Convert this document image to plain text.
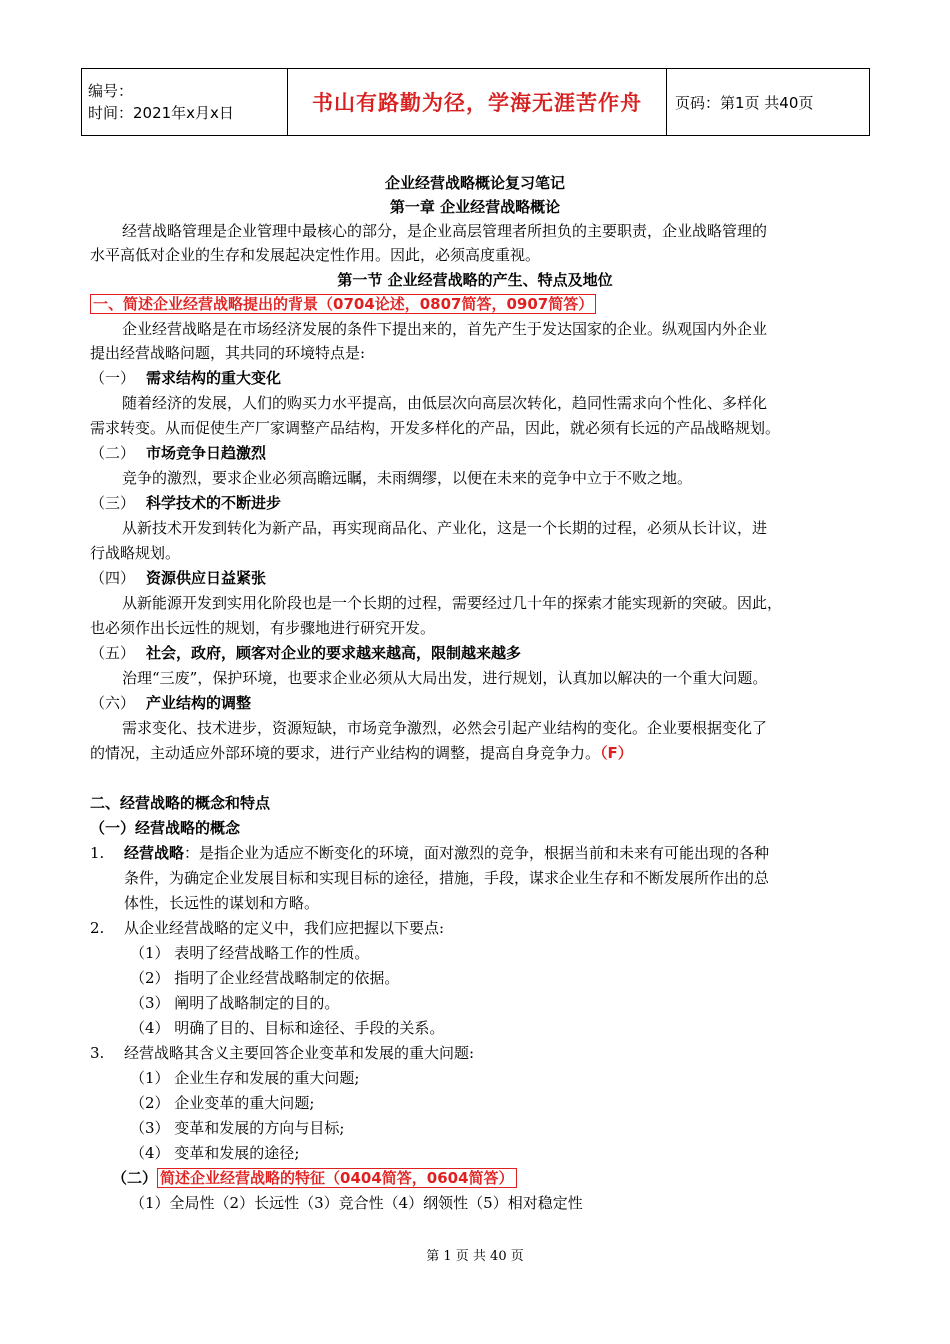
编号：
时间：2021年x月x日	书山有路勤为径，学海无涯苦作舟	页码：第1页 共40页
企业经营战略概论复习笔记
第一章 企业经营战略概论
经营战略管理是企业管理中最核心的部分，是企业高层管理者所担负的主要职责，企业战略管理的
水平高低对企业的生存和发展起决定性作用。因此，必须高度重视。
第一节 企业经营战略的产生、特点及地位
一、简述企业经营战略提出的背景（0704论述，0807简答，0907简答）
企业经营战略是在市场经济发展的条件下提出来的，首先产生于发达国家的企业。纵观国内外企业
提出经营战略问题，其共同的环境特点是:
（一） 需求结构的重大变化
随着经济的发展，人们的购买力水平提高，由低层次向高层次转化，趋同性需求向个性化、多样化
需求转变。从而促使生产厂家调整产品结构，开发多样化的产品，因此，就必须有长远的产品战略规划。
（二） 市场竞争日趋激烈
竞争的激烈，要求企业必须高瞻远瞩，未雨绸缪，以便在未来的竞争中立于不败之地。
（三） 科学技术的不断进步
从新技术开发到转化为新产品，再实现商品化、产业化，这是一个长期的过程，必须从长计议，进
行战略规划。
（四） 资源供应日益紧张
从新能源开发到实用化阶段也是一个长期的过程，需要经过几十年的探索才能实现新的突破。因此，
也必须作出长远性的规划，有步骤地进行研究开发。
（五） 社会，政府，顾客对企业的要求越来越高，限制越来越多
治理“三废”，保护环境，也要求企业必须从大局出发，进行规划，认真加以解决的一个重大问题。
（六） 产业结构的调整
需求变化、技术进步，资源短缺，市场竞争激烈，必然会引起产业结构的变化。企业要根据变化了
的情况，主动适应外部环境的要求，进行产业结构的调整，提高自身竞争力。（F）
二、经营战略的概念和特点
（一）经营战略的概念
1. 经营战略：是指企业为适应不断变化的环境，面对激烈的竞争，根据当前和未来有可能出现的各种
条件，为确定企业发展目标和实现目标的途径，措施，手段，谋求企业生存和不断发展所作出的总
体性，长远性的谋划和方略。
2. 从企业经营战略的定义中，我们应把握以下要点:
（1） 表明了经营战略工作的性质。
（2） 指明了企业经营战略制定的依据。
（3） 阐明了战略制定的目的。
（4） 明确了目的、目标和途径、手段的关系。
3. 经营战略其含义主要回答企业变革和发展的重大问题:
（1） 企业生存和发展的重大问题;
（2） 企业变革的重大问题;
（3） 变革和发展的方向与目标;
（4） 变革和发展的途径;
（二） 简述企业经营战略的特征（0404简答，0604简答）
（1）全局性（2）长远性（3）竞合性（4）纲领性（5）相对稳定性
第 1 页 共 40 页
